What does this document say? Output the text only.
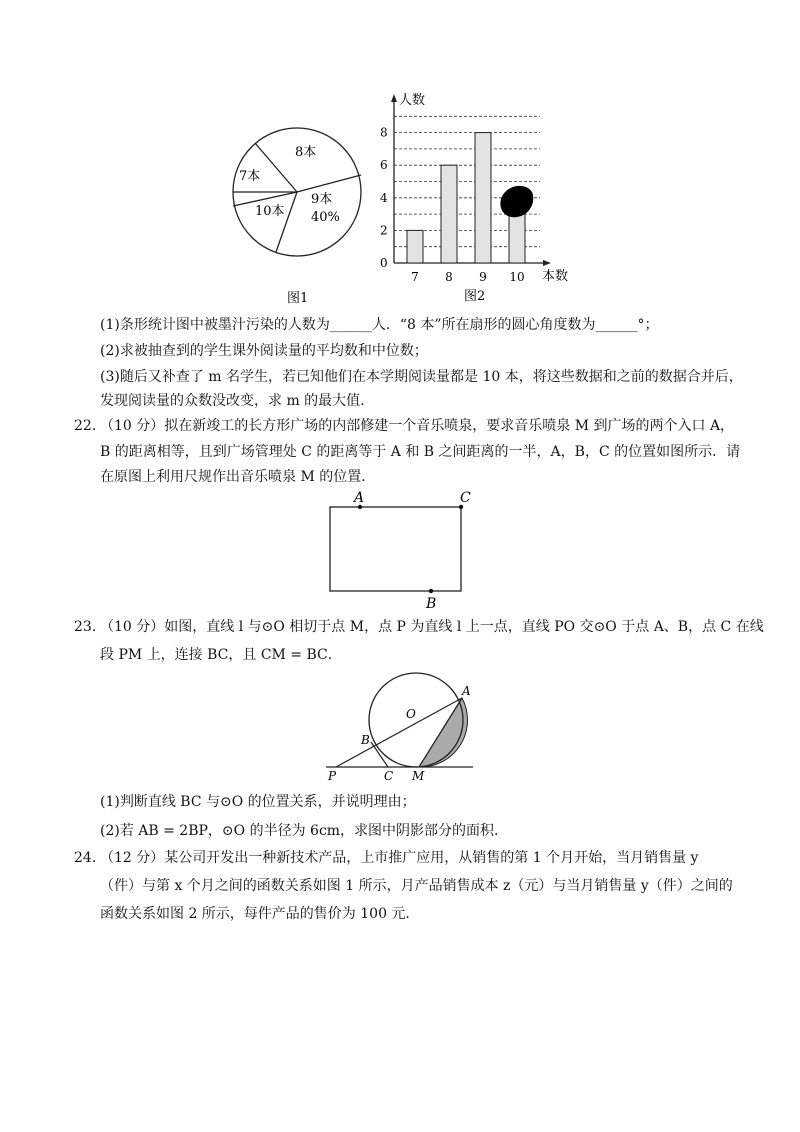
8本
7本
10本
9本
40%
图1
0
2
4
6
8
7 8 9 10
人数
本数
图2
(1)条形统计图中被墨汁污染的人数为______人．“8 本”所在扇形的圆心角度数为______°；
(2)求被抽查到的学生课外阅读量的平均数和中位数；
(3)随后又补查了 m 名学生，若已知他们在本学期阅读量都是 10 本，将这些数据和之前的数据合并后，
发现阅读量的众数没改变，求 m 的最大值.
22. （10 分）拟在新竣工的长方形广场的内部修建一个音乐喷泉，要求音乐喷泉 M 到广场的两个入口 A，
B 的距离相等，且到广场管理处 C 的距离等于 A 和 B 之间距离的一半，A，B，C 的位置如图所示．请
在原图上利用尺规作出音乐喷泉 M 的位置.
A	C
B
23. （10 分）如图，直线 l 与⊙O 相切于点 M，点 P 为直线 l 上一点，直线 PO 交⊙O 于点 A、B，点 C 在线
段 PM 上，连接 BC，且 CM = BC．
A
O
B
P	C M
(1)判断直线 BC 与⊙O 的位置关系，并说明理由；
(2)若 AB = 2BP，⊙O 的半径为 6cm，求图中阴影部分的面积.
24. （12 分）某公司开发出一种新技术产品，上市推广应用，从销售的第 1 个月开始，当月销售量 y
（件）与第 x 个月之间的函数关系如图 1 所示，月产品销售成本 z（元）与当月销售量 y（件）之间的
函数关系如图 2 所示，每件产品的售价为 100 元.
